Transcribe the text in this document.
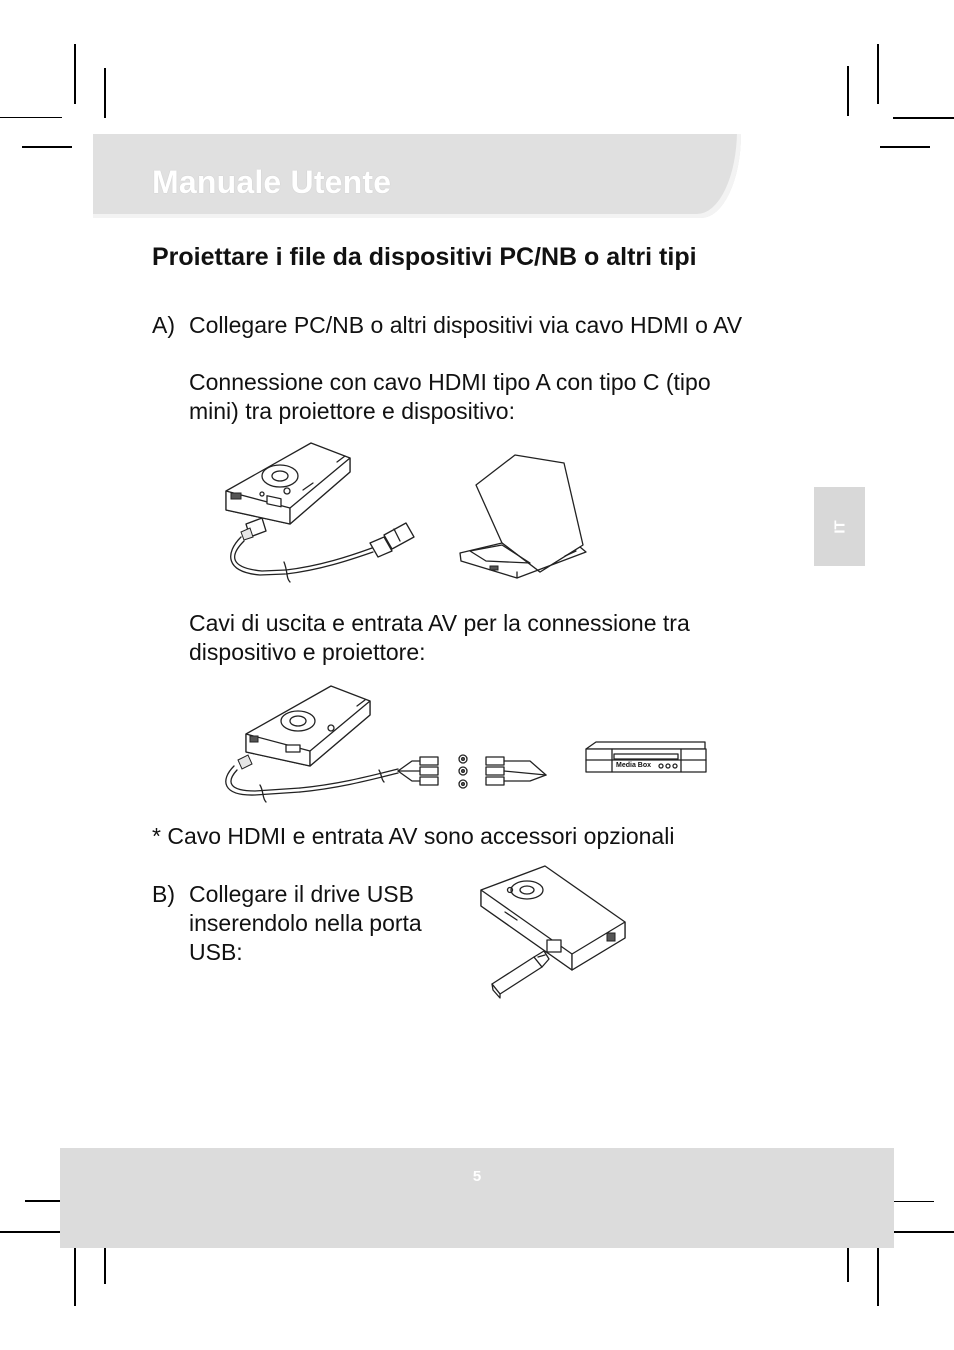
Manuale Utente
Proiettare i file da dispositivi PC/NB o altri tipi
A) Collegare PC/NB o altri dispositivi via cavo HDMI o AV
Connessione con cavo HDMI tipo A con tipo C (tipo
mini) tra proiettore e dispositivo:
Cavi di uscita e entrata AV per la connessione tra
dispositivo e proiettore:
Media Box
* Cavo HDMI e entrata AV sono accessori opzionali
B) Collegare il drive USB
inserendolo nella porta
USB:
IT
5
